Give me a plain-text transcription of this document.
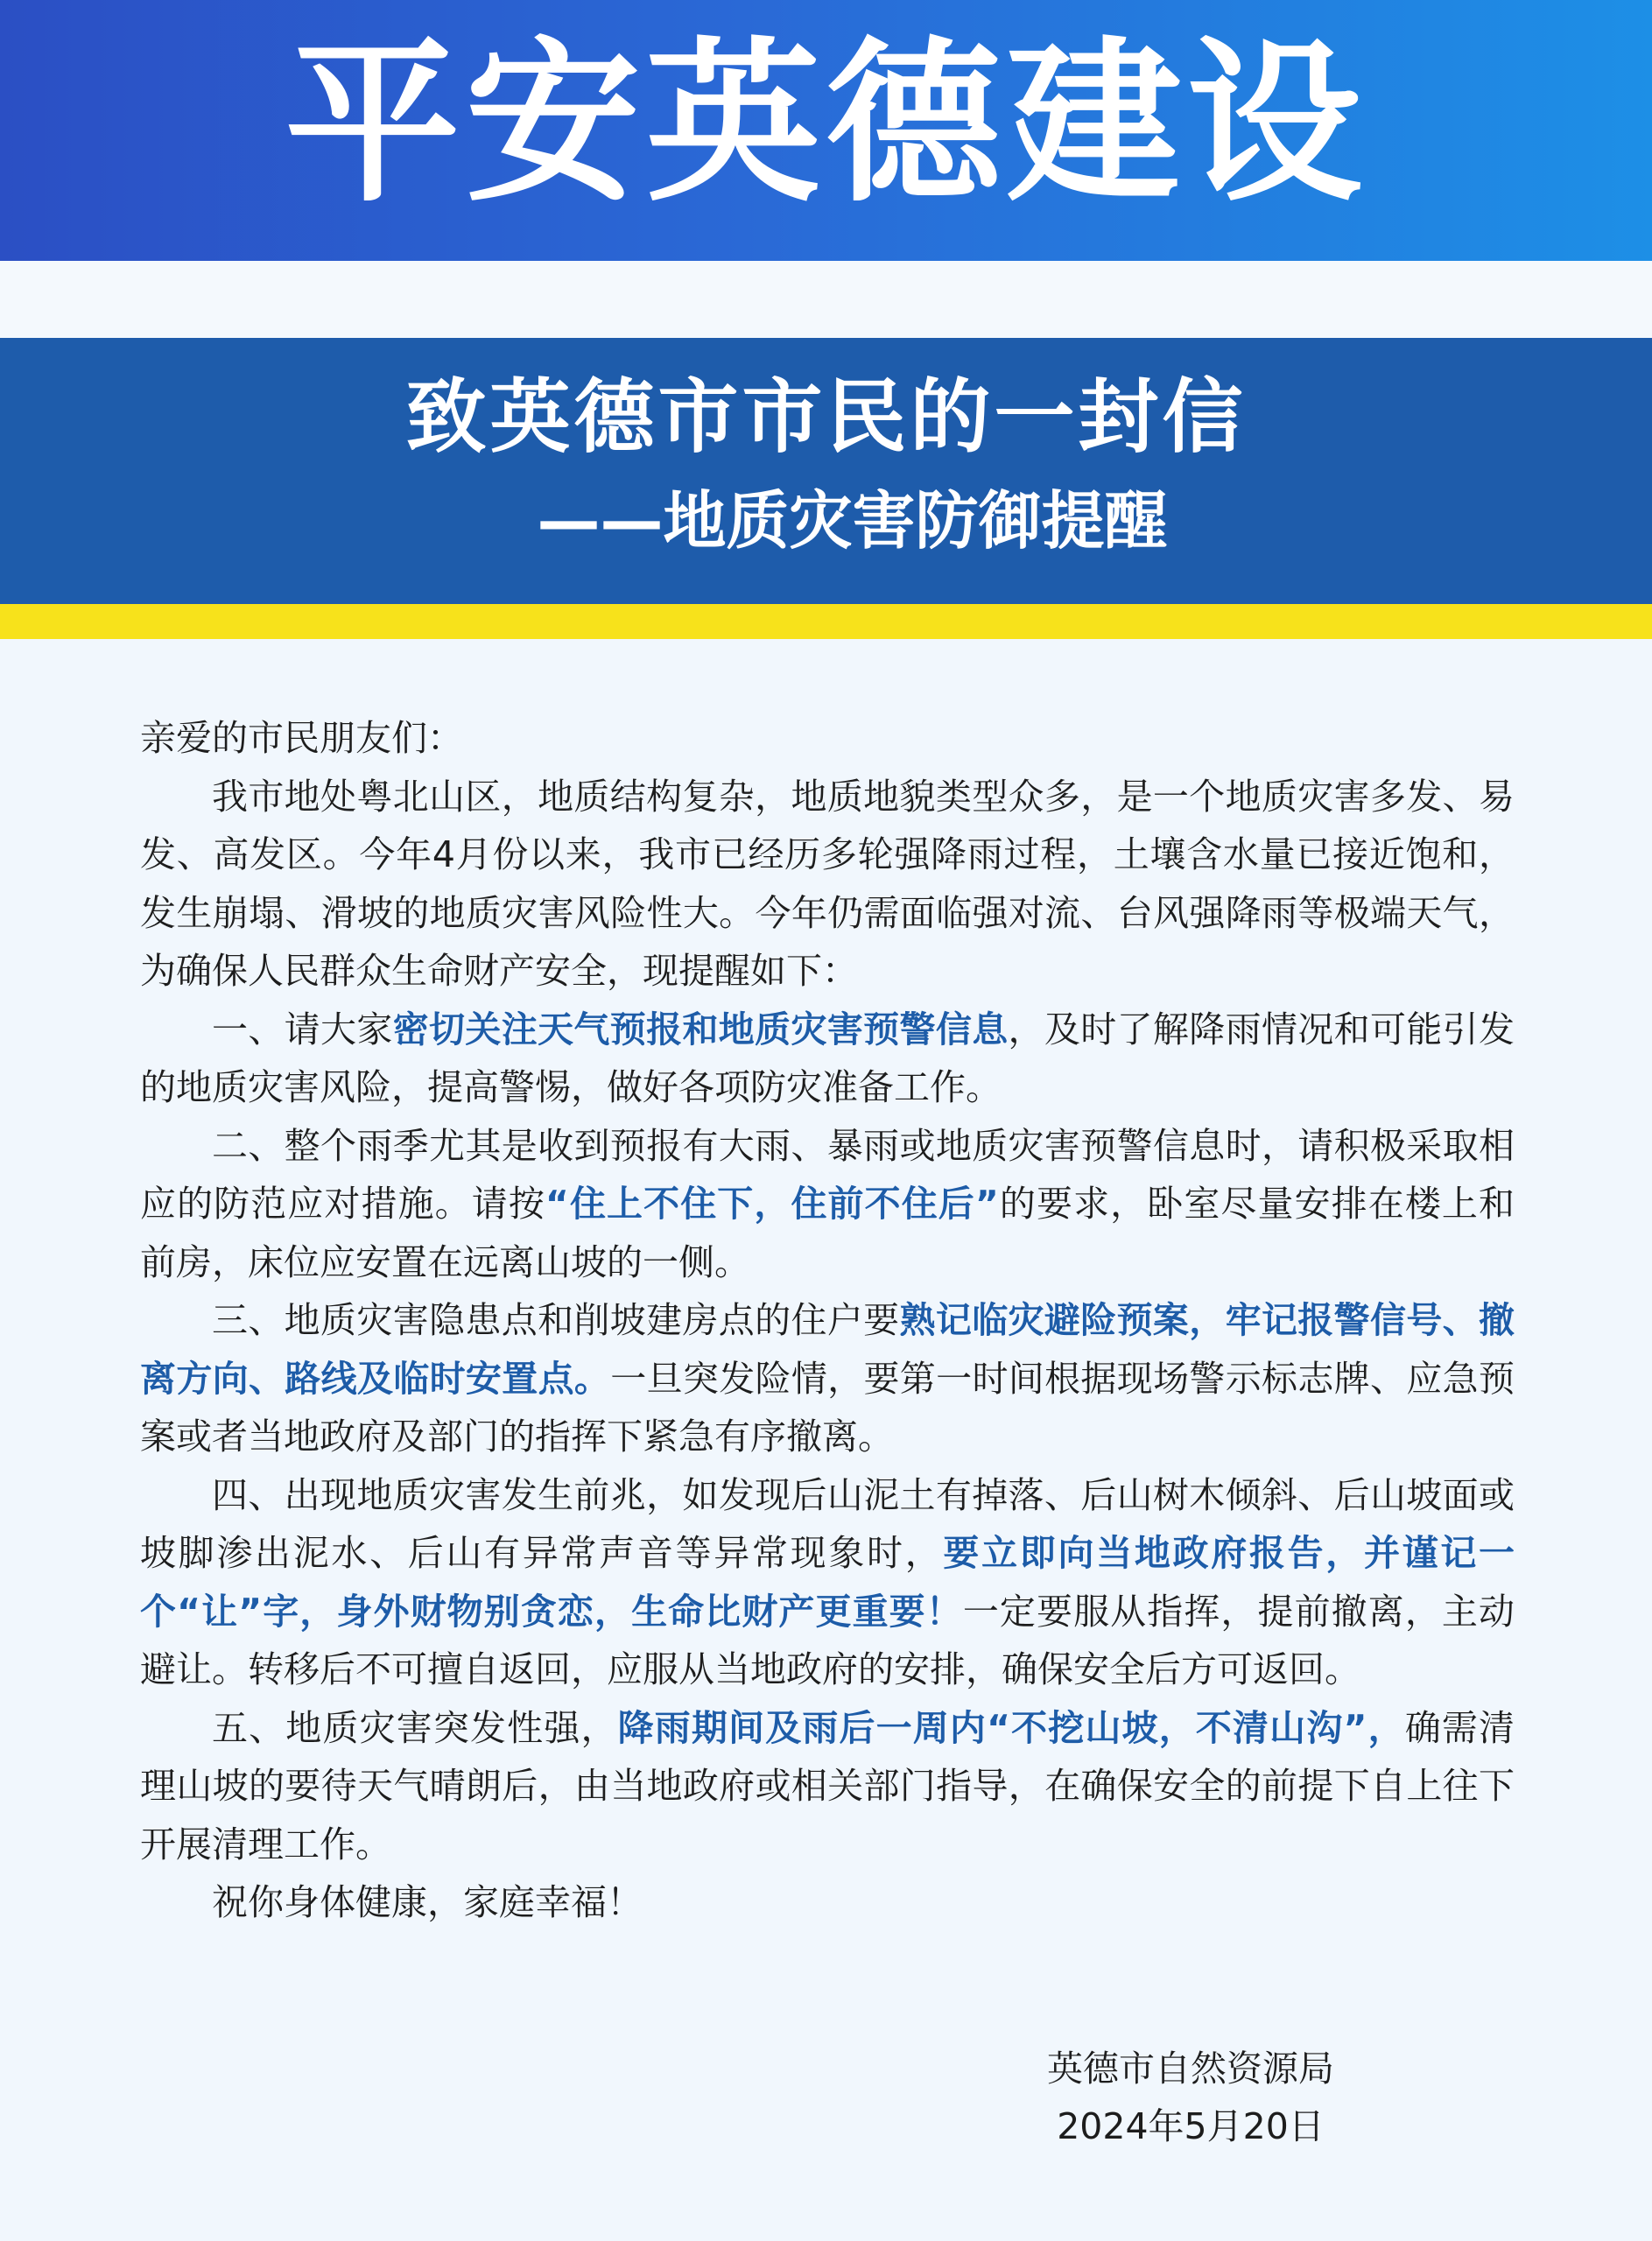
平安英德建设
致英德市市民的一封信
——地质灾害防御提醒

亲爱的市民朋友们：

我市地处粤北山区，地质结构复杂，地质地貌类型众多，是一个地质灾害多发、易发、高发区。今年4月份以来，我市已经历多轮强降雨过程，土壤含水量已接近饱和，发生崩塌、滑坡的地质灾害风险性大。今年仍需面临强对流、台风强降雨等极端天气，为确保人民群众生命财产安全，现提醒如下：

一、请大家密切关注天气预报和地质灾害预警信息，及时了解降雨情况和可能引发的地质灾害风险，提高警惕，做好各项防灾准备工作。

二、整个雨季尤其是收到预报有大雨、暴雨或地质灾害预警信息时，请积极采取相应的防范应对措施。请按“住上不住下，住前不住后”的要求，卧室尽量安排在楼上和前房，床位应安置在远离山坡的一侧。

三、地质灾害隐患点和削坡建房点的住户要熟记临灾避险预案，牢记报警信号、撤离方向、路线及临时安置点。一旦突发险情，要第一时间根据现场警示标志牌、应急预案或者当地政府及部门的指挥下紧急有序撤离。

四、出现地质灾害发生前兆，如发现后山泥土有掉落、后山树木倾斜、后山坡面或坡脚渗出泥水、后山有异常声音等异常现象时，要立即向当地政府报告，并谨记一个“让”字，身外财物别贪恋，生命比财产更重要！一定要服从指挥，提前撤离，主动避让。转移后不可擅自返回，应服从当地政府的安排，确保安全后方可返回。

五、地质灾害突发性强，降雨期间及雨后一周内“不挖山坡，不清山沟”，确需清理山坡的要待天气晴朗后，由当地政府或相关部门指导，在确保安全的前提下自上往下开展清理工作。

祝你身体健康，家庭幸福！

英德市自然资源局
2024年5月20日
